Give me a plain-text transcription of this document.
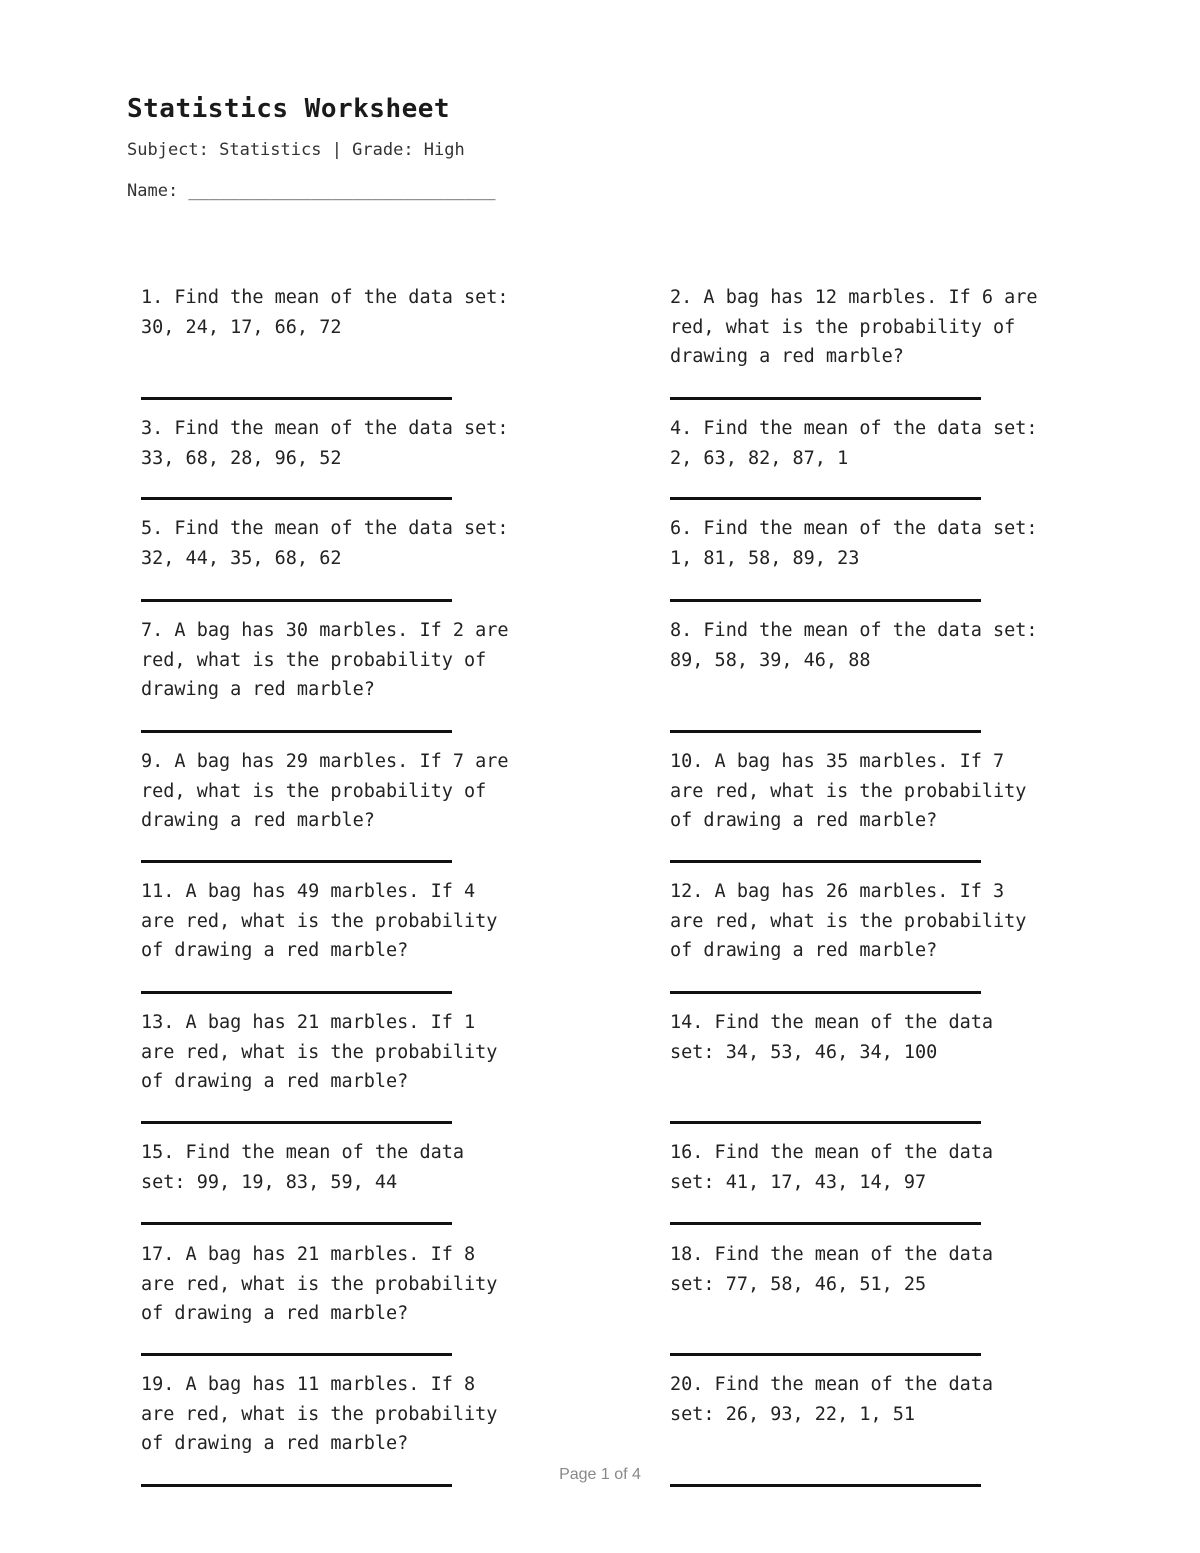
Statistics Worksheet
Subject: Statistics | Grade: High
Name: ______________________________
1. Find the mean of the data set:
30, 24, 17, 66, 72
2. A bag has 12 marbles. If 6 are
red, what is the probability of
drawing a red marble?
3. Find the mean of the data set:
33, 68, 28, 96, 52
4. Find the mean of the data set:
2, 63, 82, 87, 1
5. Find the mean of the data set:
32, 44, 35, 68, 62
6. Find the mean of the data set:
1, 81, 58, 89, 23
7. A bag has 30 marbles. If 2 are
red, what is the probability of
drawing a red marble?
8. Find the mean of the data set:
89, 58, 39, 46, 88
9. A bag has 29 marbles. If 7 are
red, what is the probability of
drawing a red marble?
10. A bag has 35 marbles. If 7
are red, what is the probability
of drawing a red marble?
11. A bag has 49 marbles. If 4
are red, what is the probability
of drawing a red marble?
12. A bag has 26 marbles. If 3
are red, what is the probability
of drawing a red marble?
13. A bag has 21 marbles. If 1
are red, what is the probability
of drawing a red marble?
14. Find the mean of the data
set: 34, 53, 46, 34, 100
15. Find the mean of the data
set: 99, 19, 83, 59, 44
16. Find the mean of the data
set: 41, 17, 43, 14, 97
17. A bag has 21 marbles. If 8
are red, what is the probability
of drawing a red marble?
18. Find the mean of the data
set: 77, 58, 46, 51, 25
19. A bag has 11 marbles. If 8
are red, what is the probability
of drawing a red marble?
20. Find the mean of the data
set: 26, 93, 22, 1, 51
Page 1 of 4
